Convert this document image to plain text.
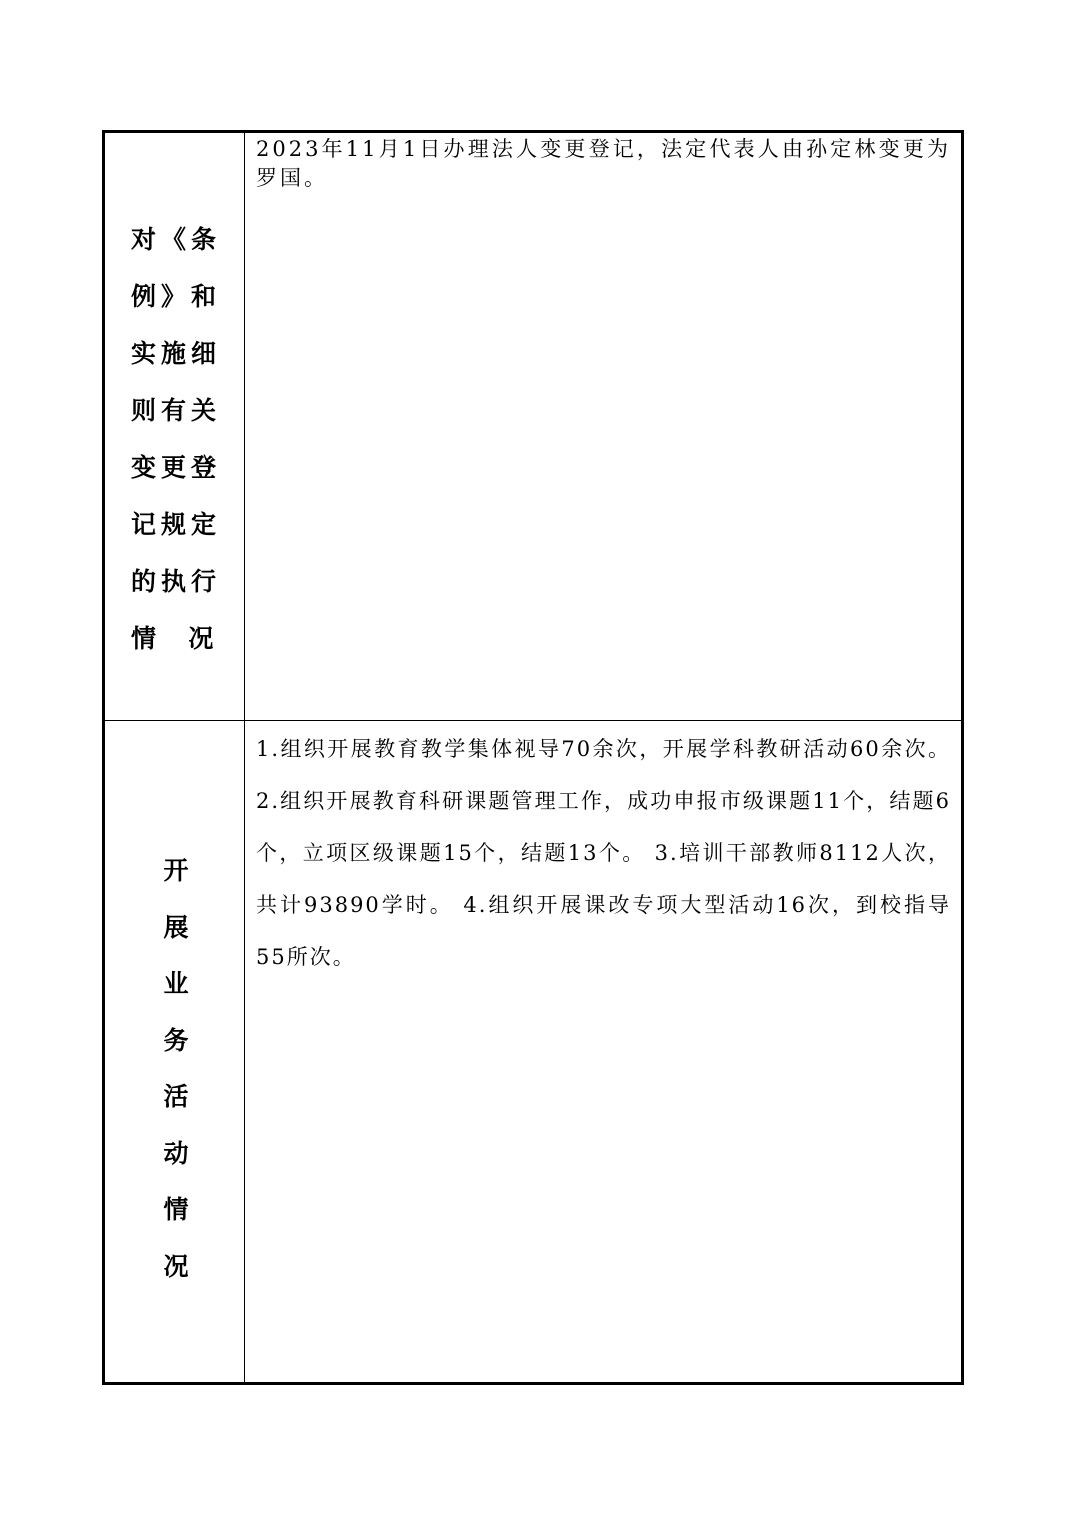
对《条
例》和
实施细
则有关
变更登
记规定
的执行
情  况
2023年11月1日办理法人变更登记，法定代表人由孙定林变更为罗国。
开
展
业
务
活
动
情
况
1.组织开展教育教学集体视导70余次，开展学科教研活动60余次。 2.组织开展教育科研课题管理工作，成功申报市级课题11个，结题6个，立项区级课题15个，结题13个。 3.培训干部教师8112人次，共计93890学时。 4.组织开展课改专项大型活动16次，到校指导55所次。
